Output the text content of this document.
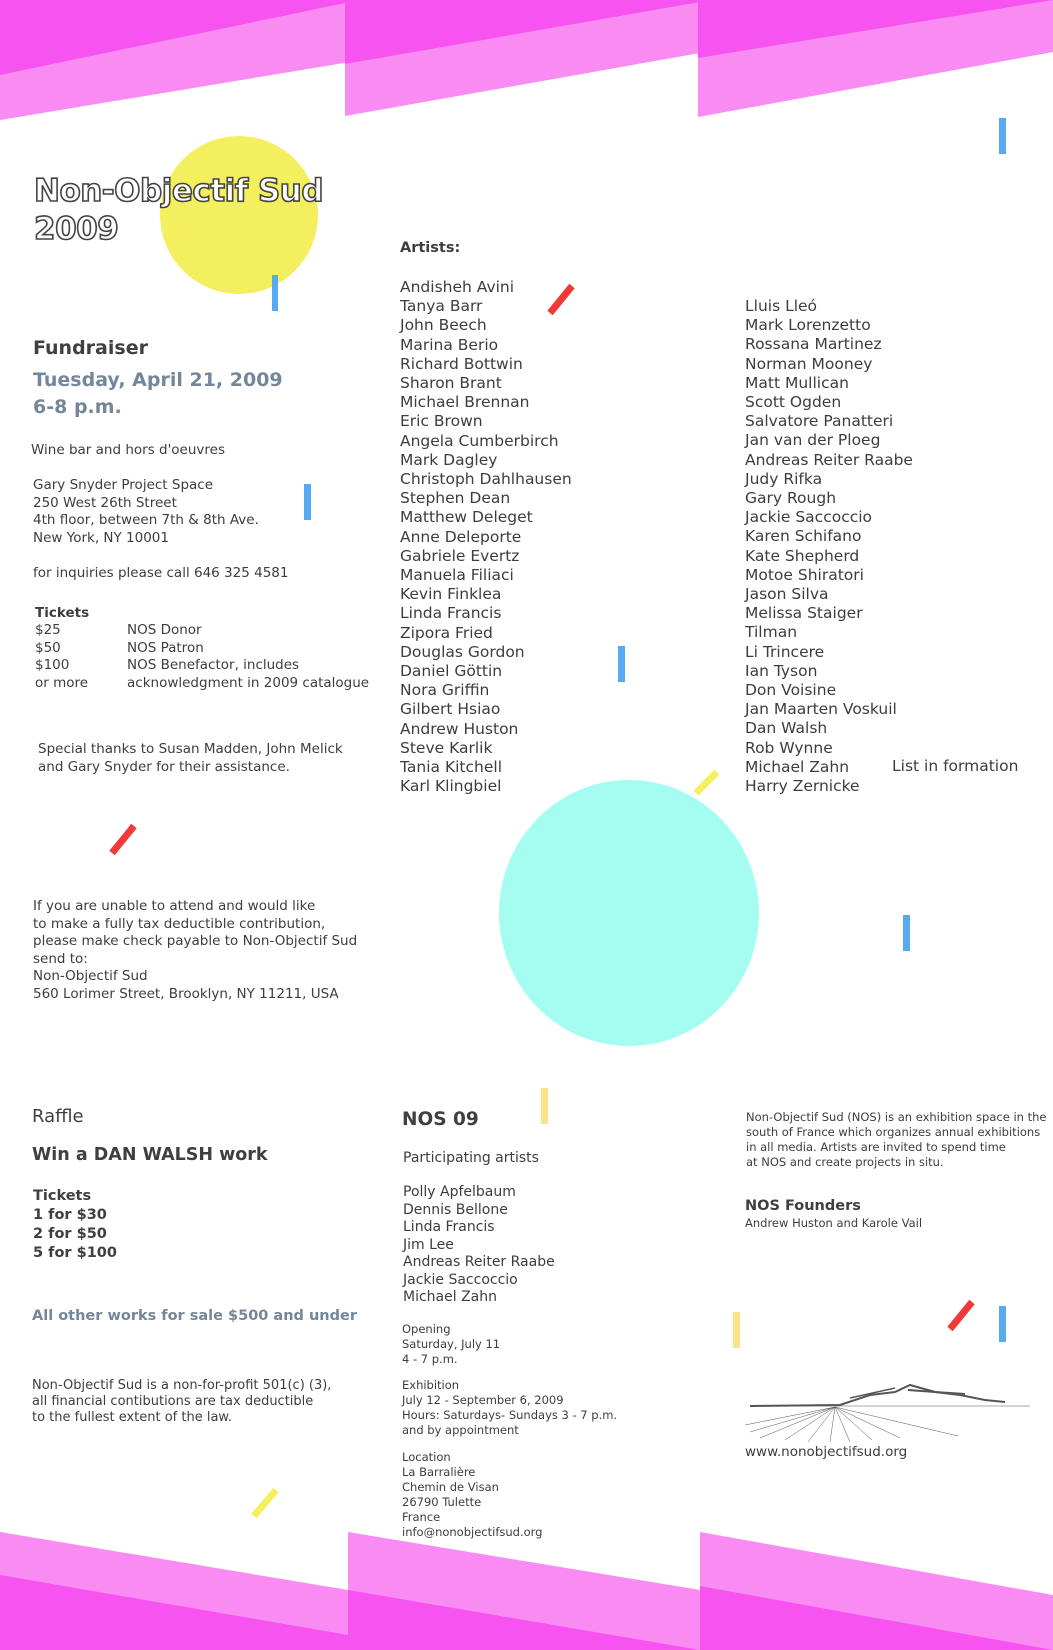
Non-Objectif Sud
2009
Fundraiser
Tuesday, April 21, 2009
6-8 p.m.
Wine bar and hors d'oeuvres
Gary Snyder Project Space
250 West 26th Street
4th floor, between 7th & 8th Ave.
New York, NY 10001
for inquiries please call 646 325 4581
Tickets
$25	NOS Donor
$50	NOS Patron
$100	NOS Benefactor, includes
or more	acknowledgment in 2009 catalogue
Special thanks to Susan Madden, John Melick
and Gary Snyder for their assistance.
If you are unable to attend and would like
to make a fully tax deductible contribution,
please make check payable to Non-Objectif Sud
send to:
Non-Objectif Sud
560 Lorimer Street, Brooklyn, NY 11211, USA
Artists:
Andisheh Avini
Tanya Barr
John Beech
Marina Berio
Richard Bottwin
Sharon Brant
Michael Brennan
Eric Brown
Angela Cumberbirch
Mark Dagley
Christoph Dahlhausen
Stephen Dean
Matthew Deleget
Anne Deleporte
Gabriele Evertz
Manuela Filiaci
Kevin Finklea
Linda Francis
Zipora Fried
Douglas Gordon
Daniel Göttin
Nora Griffin
Gilbert Hsiao
Andrew Huston
Steve Karlik
Tania Kitchell
Karl Klingbiel
Lluis Lleó
Mark Lorenzetto
Rossana Martinez
Norman Mooney
Matt Mullican
Scott Ogden
Salvatore Panatteri
Jan van der Ploeg
Andreas Reiter Raabe
Judy Rifka
Gary Rough
Jackie Saccoccio
Karen Schifano
Kate Shepherd
Motoe Shiratori
Jason Silva
Melissa Staiger
Tilman
Li Trincere
Ian Tyson
Don Voisine
Jan Maarten Voskuil
Dan Walsh
Rob Wynne
Michael Zahn
Harry Zernicke
List in formation
Raffle
Win a DAN WALSH work
Tickets
1 for $30
2 for $50
5 for $100
All other works for sale $500 and under
Non-Objectif Sud is a non-for-profit 501(c) (3),
all financial contibutions are tax deductible
to the fullest extent of the law.
NOS 09
Participating artists
Polly Apfelbaum
Dennis Bellone
Linda Francis
Jim Lee
Andreas Reiter Raabe
Jackie Saccoccio
Michael Zahn
Opening
Saturday, July 11
4 - 7 p.m.
Exhibition
July 12 - September 6, 2009
Hours: Saturdays- Sundays 3 - 7 p.m.
and by appointment
Location
La Barralière
Chemin de Visan
26790 Tulette
France
info@nonobjectifsud.org
Non-Objectif Sud (NOS) is an exhibition space in the
south of France which organizes annual exhibitions
in all media. Artists are invited to spend time
at NOS and create projects in situ.
NOS Founders
Andrew Huston and Karole Vail
www.nonobjectifsud.org
